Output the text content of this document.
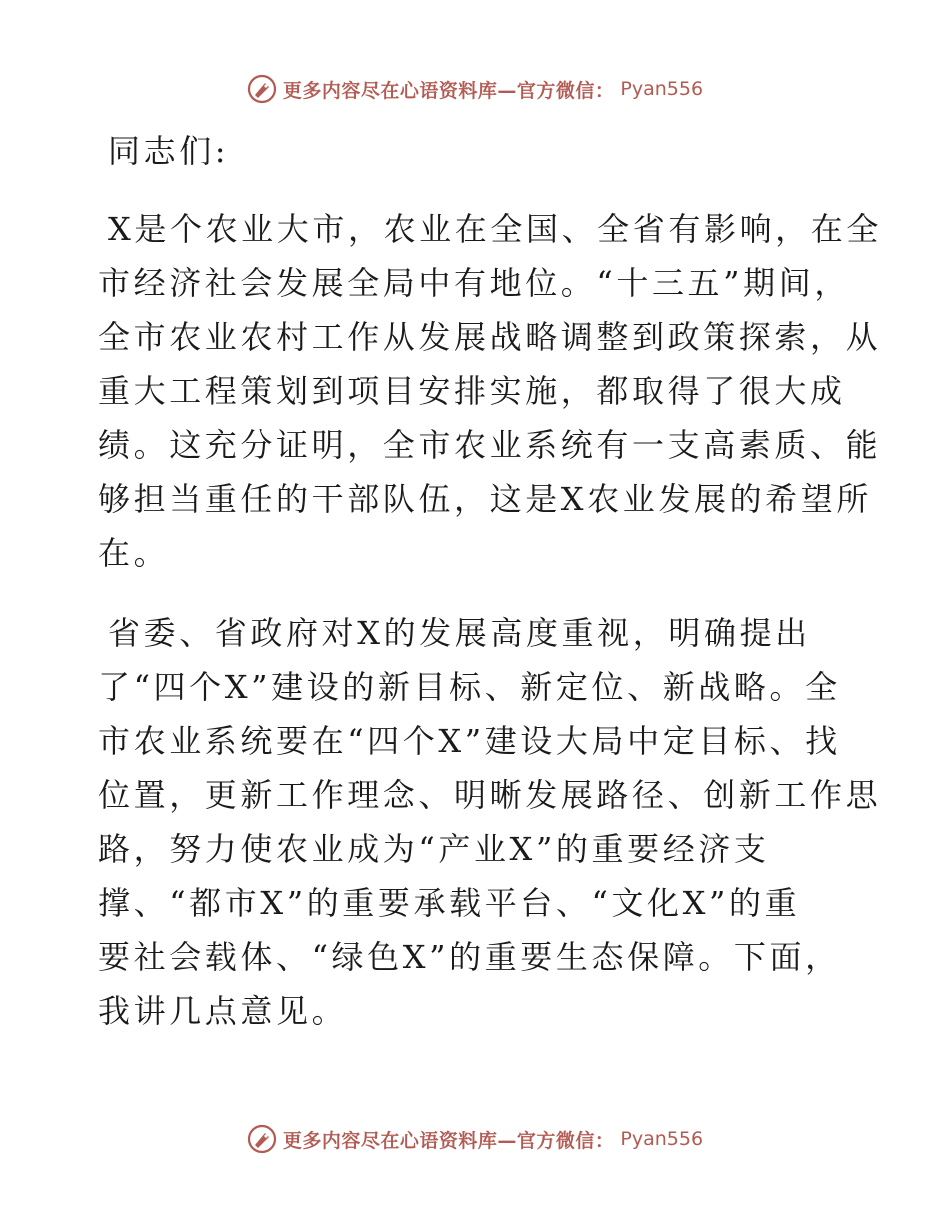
更多内容尽在心语资料库—官方微信： Pyan556

同志们:

X是个农业大市，农业在全国、全省有影响，在全
市经济社会发展全局中有地位。“十三五”期间，
全市农业农村工作从发展战略调整到政策探索，从
重大工程策划到项目安排实施，都取得了很大成
绩。这充分证明，全市农业系统有一支高素质、能
够担当重任的干部队伍，这是X农业发展的希望所
在。

省委、省政府对X的发展高度重视，明确提出
了“四个X”建设的新目标、新定位、新战略。全
市农业系统要在“四个X”建设大局中定目标、找
位置，更新工作理念、明晰发展路径、创新工作思
路，努力使农业成为“产业X”的重要经济支
撑、“都市X”的重要承载平台、“文化X”的重
要社会载体、“绿色X”的重要生态保障。下面，
我讲几点意见。

更多内容尽在心语资料库—官方微信： Pyan556
